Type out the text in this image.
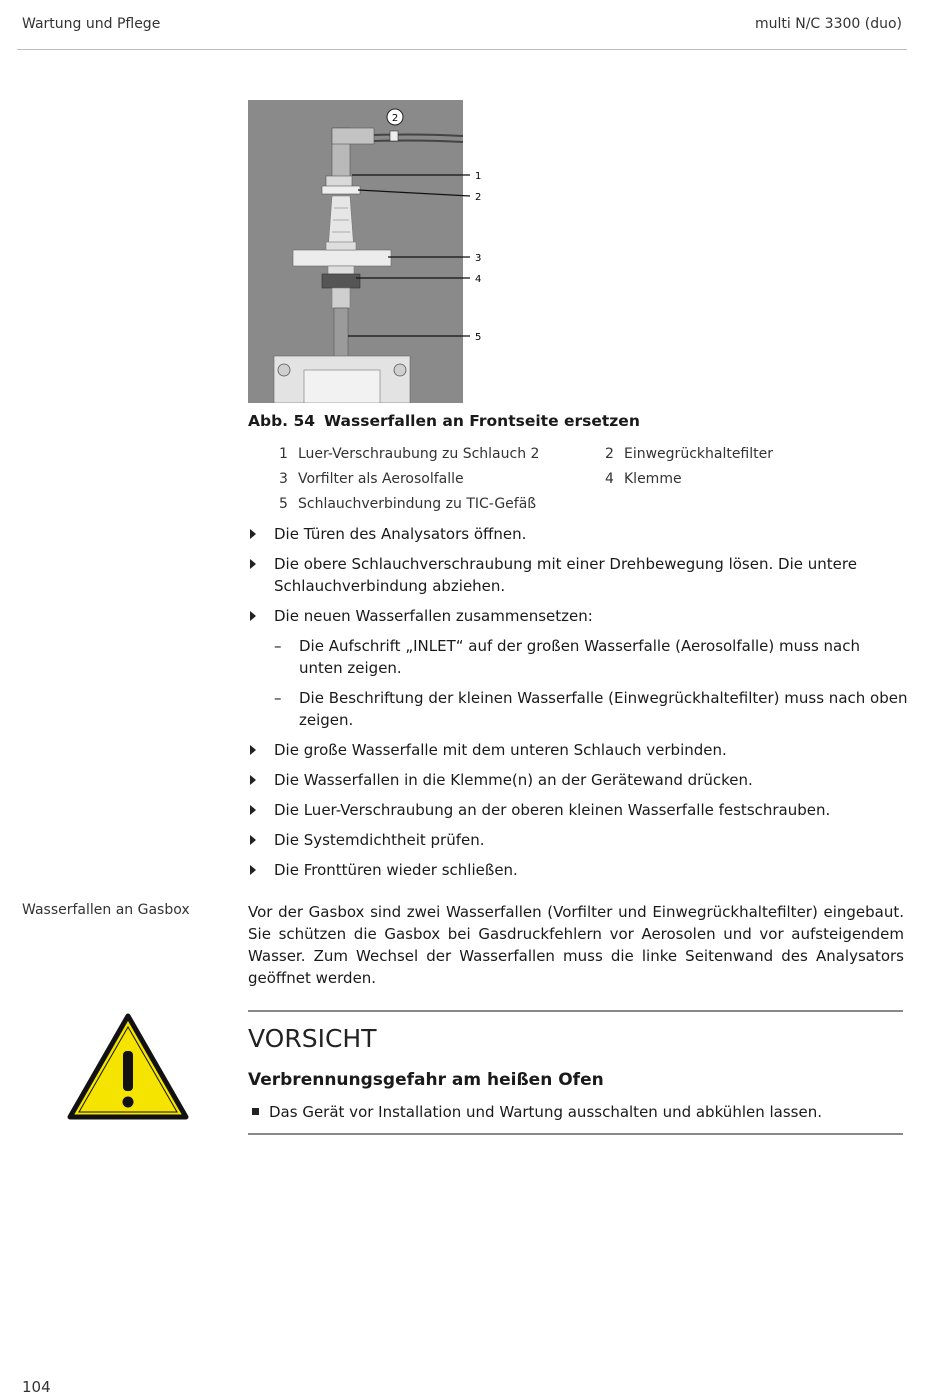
Wartung und Pflege	multi N/C 3300 (duo)
2
1
2
3
4
5
Abb. 54 Wasserfallen an Frontseite ersetzen
1 Luer-Verschraubung zu Schlauch 2	2 Einwegrückhaltefilter
3 Vorfilter als Aerosolfalle	4 Klemme
5 Schlauchverbindung zu TIC-Gefäß
Die Türen des Analysators öffnen.
Die obere Schlauchverschraubung mit einer Drehbewegung lösen. Die untere Schlauchverbindung abziehen.
Die neuen Wasserfallen zusammensetzen:
– Die Aufschrift „INLET“ auf der großen Wasserfalle (Aerosolfalle) muss nach unten zeigen.
– Die Beschriftung der kleinen Wasserfalle (Einwegrückhaltefilter) muss nach oben zeigen.
Die große Wasserfalle mit dem unteren Schlauch verbinden.
Die Wasserfallen in die Klemme(n) an der Gerätewand drücken.
Die Luer-Verschraubung an der oberen kleinen Wasserfalle festschrauben.
Die Systemdichtheit prüfen.
Die Fronttüren wieder schließen.
Wasserfallen an Gasbox	Vor der Gasbox sind zwei Wasserfallen (Vorfilter und Einwegrückhaltefilter) eingebaut. Sie schützen die Gasbox bei Gasdruckfehlern vor Aerosolen und vor aufsteigendem Wasser. Zum Wechsel der Wasserfallen muss die linke Seitenwand des Analysators geöffnet werden.
VORSICHT
Verbrennungsgefahr am heißen Ofen
Das Gerät vor Installation und Wartung ausschalten und abkühlen lassen.
104
